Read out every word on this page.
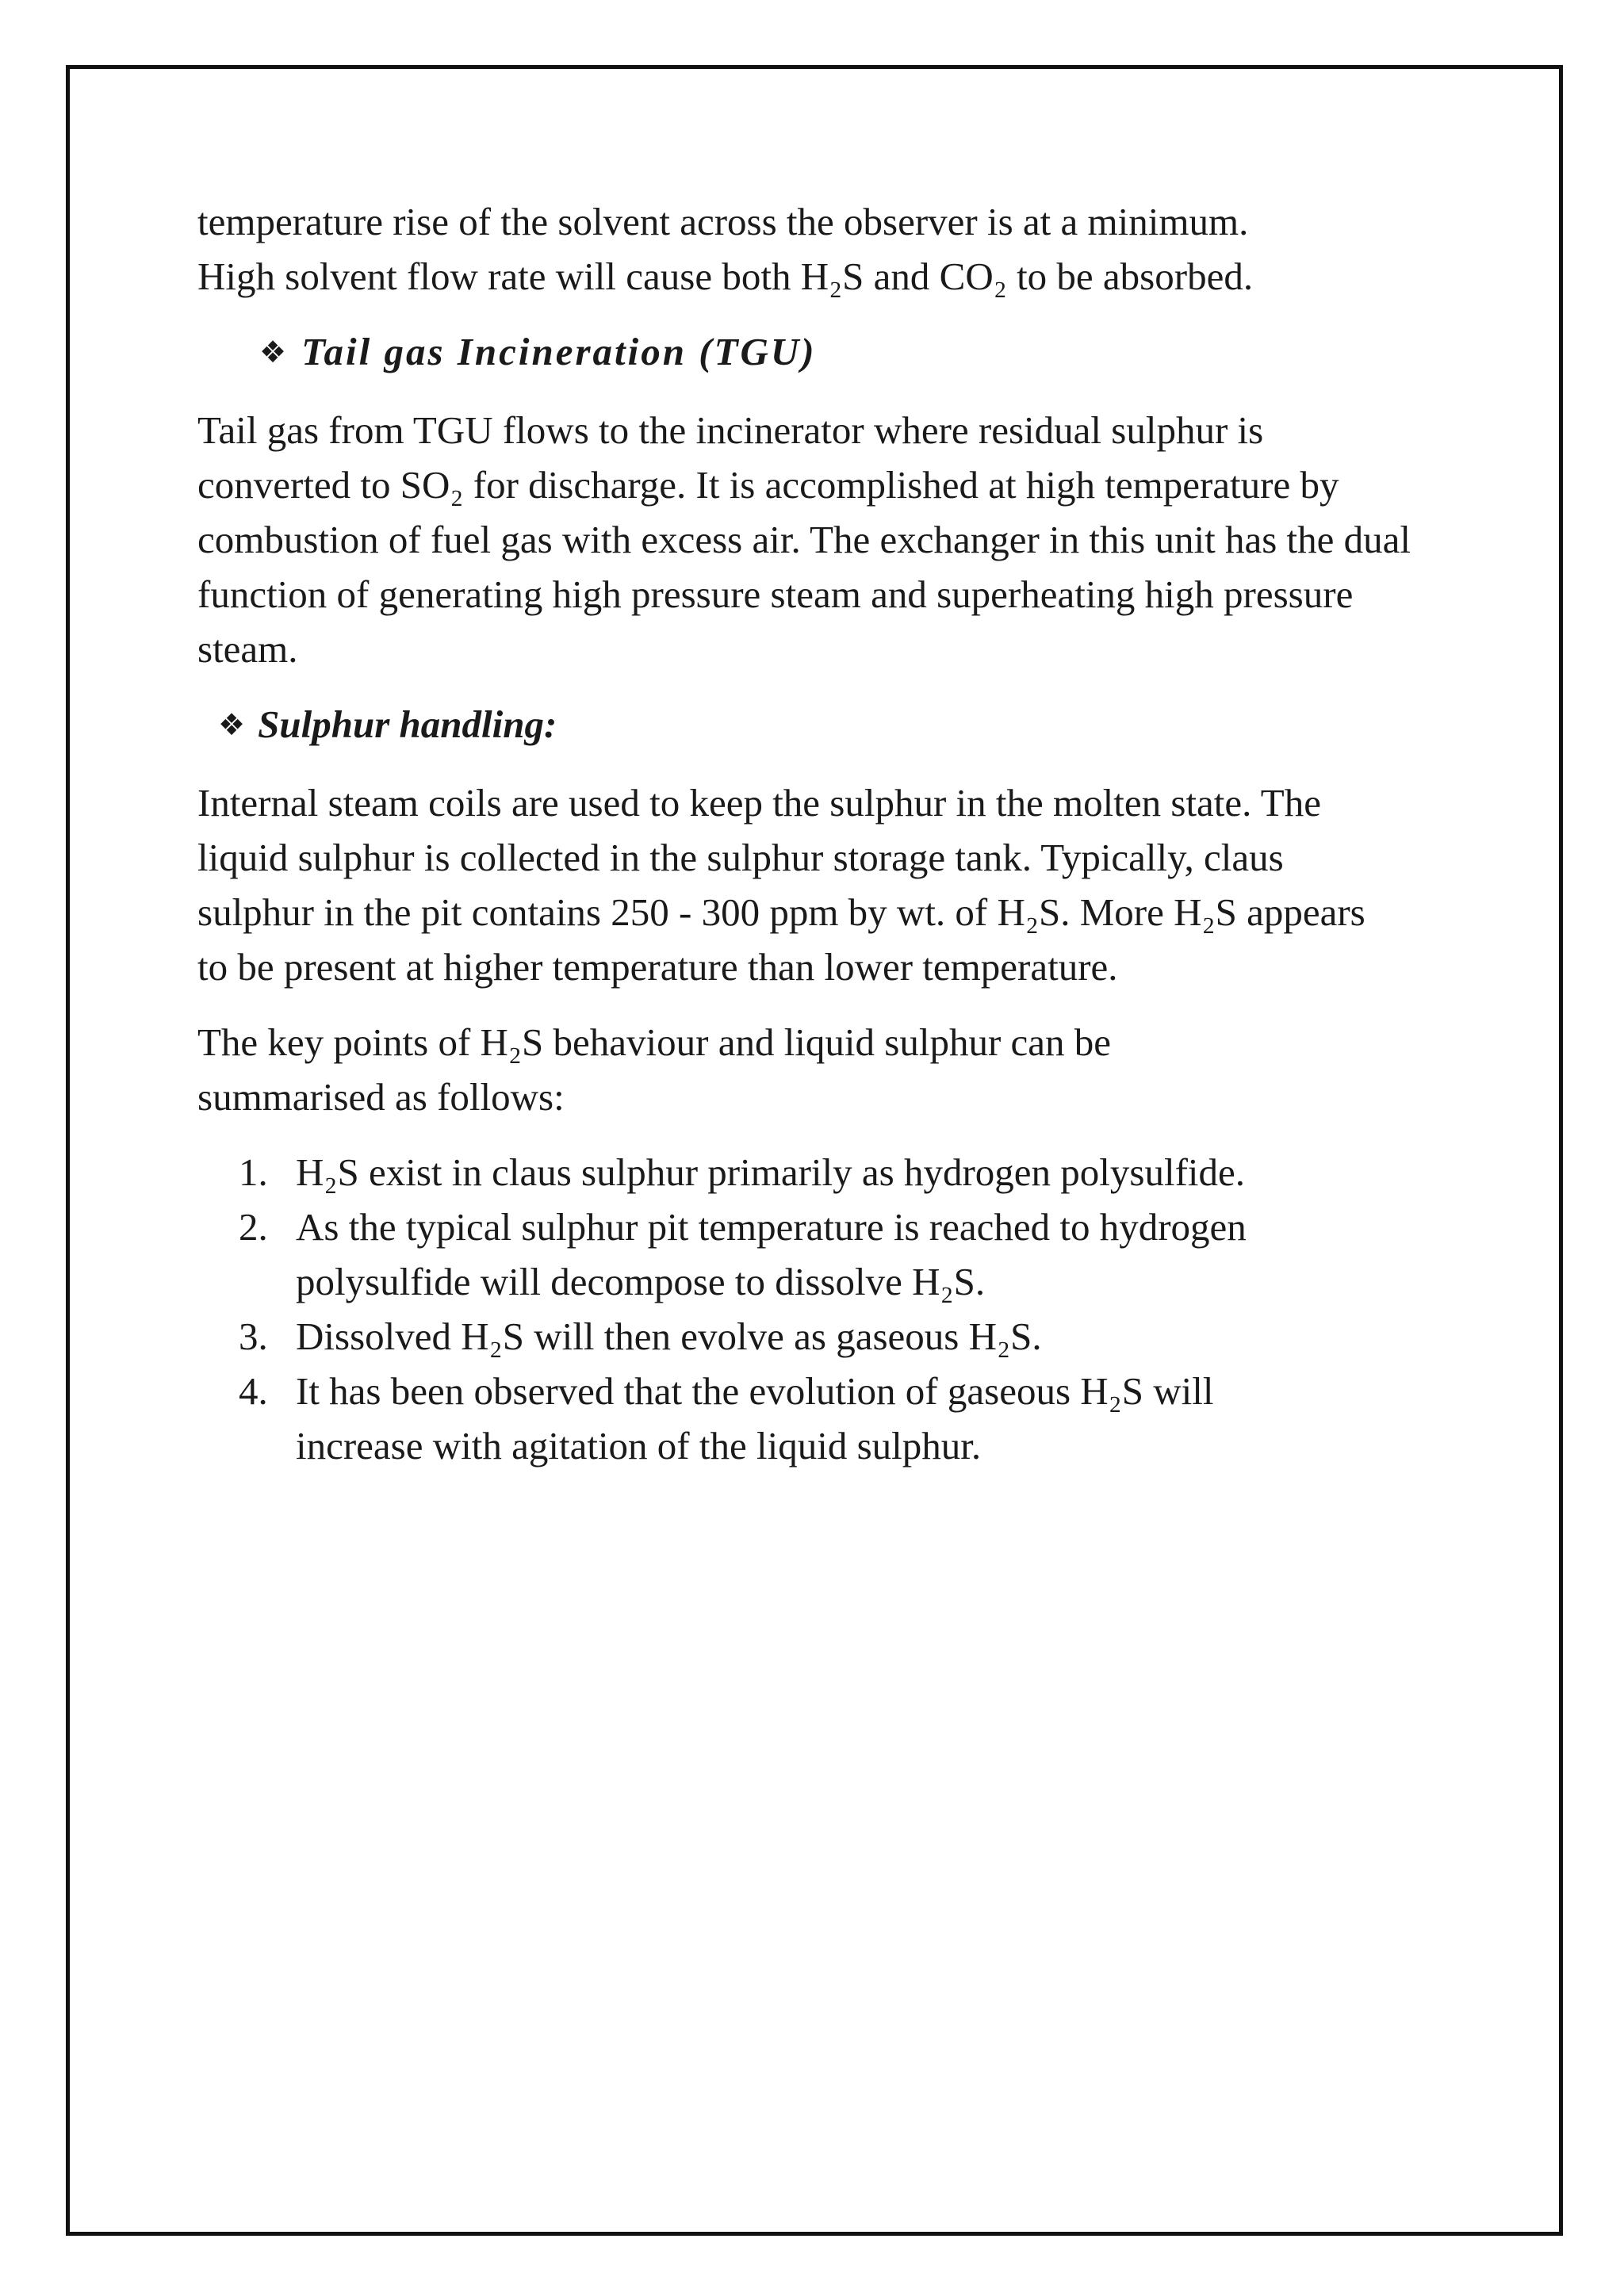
temperature rise of the solvent across the observer is at a minimum.
High solvent flow rate will cause both H₂S and CO₂ to be absorbed.

❖ Tail gas Incineration (TGU)

Tail gas from TGU flows to the incinerator where residual sulphur is converted to SO₂ for discharge. It is accomplished at high temperature by combustion of fuel gas with excess air. The exchanger in this unit has the dual function of generating high pressure steam and superheating high pressure steam.

❖ Sulphur handling:

Internal steam coils are used to keep the sulphur in the molten state. The liquid sulphur is collected in the sulphur storage tank. Typically, claus sulphur in the pit contains 250 - 300 ppm by wt. of H₂S. More H₂S appears to be present at higher temperature than lower temperature.

The key points of H₂S behaviour and liquid sulphur can be summarised as follows:

1. H₂S exist in claus sulphur primarily as hydrogen polysulfide.
2. As the typical sulphur pit temperature is reached to hydrogen polysulfide will decompose to dissolve H₂S.
3. Dissolved H₂S will then evolve as gaseous H₂S.
4. It has been observed that the evolution of gaseous H₂S will increase with agitation of the liquid sulphur.
